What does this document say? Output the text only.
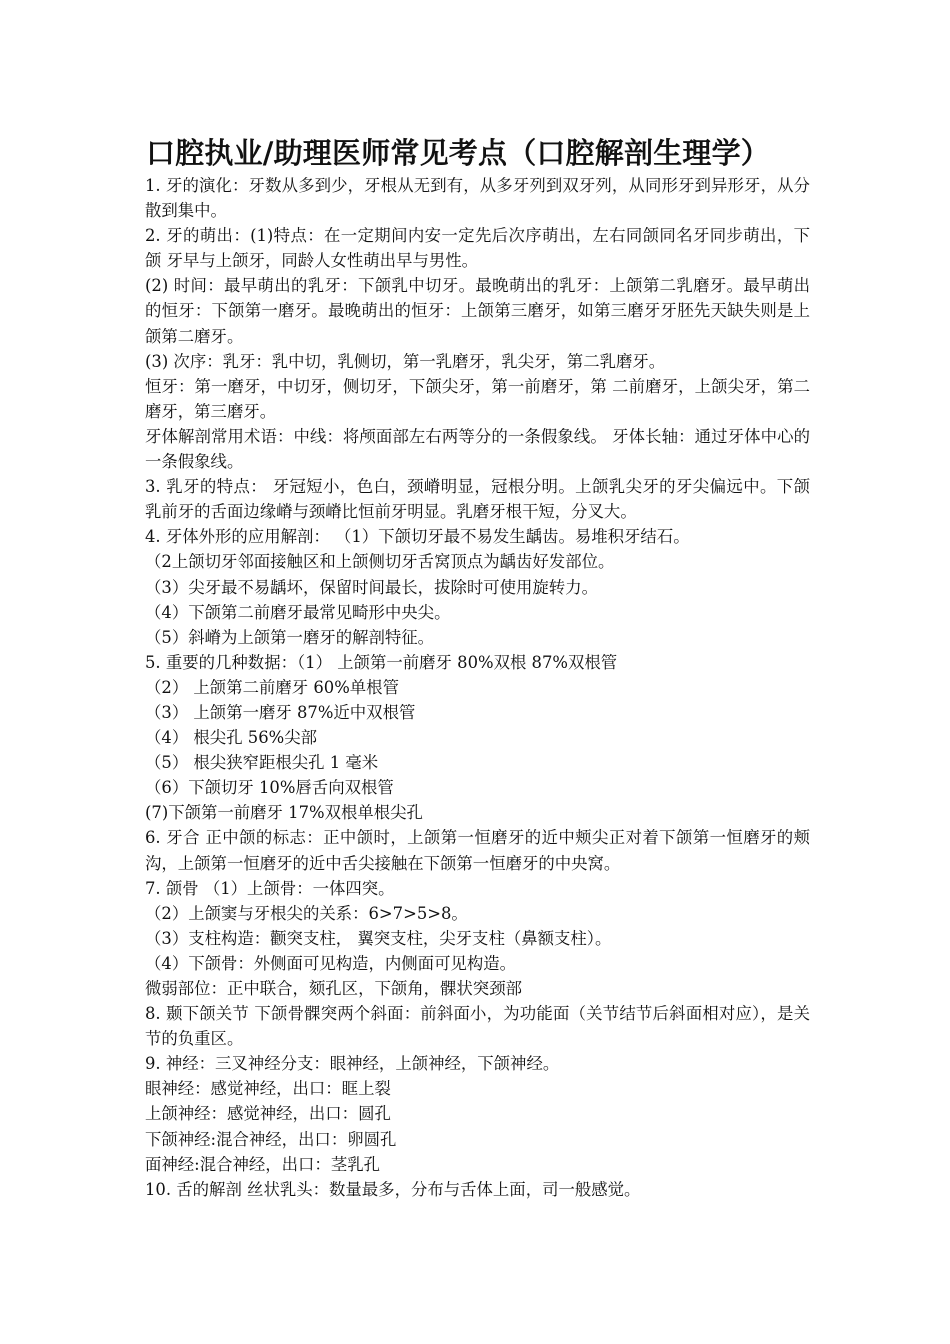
口腔执业/助理医师常见考点（口腔解剖生理学）

1. 牙的演化：牙数从多到少，牙根从无到有，从多牙列到双牙列，从同形牙到异形牙，从分散到集中。

2. 牙的萌出：(1)特点：在一定期间内安一定先后次序萌出，左右同颌同名牙同步萌出，下颌 牙早与上颌牙，同龄人女性萌出早与男性。

(2) 时间：最早萌出的乳牙：下颌乳中切牙。最晚萌出的乳牙：上颌第二乳磨牙。最早萌出的恒牙：下颌第一磨牙。最晚萌出的恒牙：上颌第三磨牙，如第三磨牙牙胚先天缺失则是上颌第二磨牙。

(3) 次序：乳牙：乳中切，乳侧切，第一乳磨牙，乳尖牙，第二乳磨牙。

恒牙：第一磨牙，中切牙，侧切牙，下颌尖牙，第一前磨牙，第 二前磨牙，上颌尖牙，第二磨牙，第三磨牙。

牙体解剖常用术语：中线：将颅面部左右两等分的一条假象线。 牙体长轴：通过牙体中心的一条假象线。

3. 乳牙的特点： 牙冠短小，色白，颈嵴明显，冠根分明。上颌乳尖牙的牙尖偏远中。下颌乳前牙的舌面边缘嵴与颈嵴比恒前牙明显。乳磨牙根干短，分叉大。

4. 牙体外形的应用解剖： （1）下颌切牙最不易发生龋齿。易堆积牙结石。

（2上颌切牙邻面接触区和上颌侧切牙舌窝顶点为龋齿好发部位。

（3）尖牙最不易龋坏，保留时间最长，拔除时可使用旋转力。

（4）下颌第二前磨牙最常见畸形中央尖。

（5）斜嵴为上颌第一磨牙的解剖特征。

5. 重要的几种数据：（1） 上颌第一前磨牙 80%双根 87%双根管

（2） 上颌第二前磨牙 60%单根管

（3） 上颌第一磨牙 87%近中双根管

（4） 根尖孔 56%尖部

（5） 根尖狭窄距根尖孔 1 毫米

（6）下颌切牙 10%唇舌向双根管

(7)下颌第一前磨牙 17%双根单根尖孔

6. 牙合 正中颌的标志：正中颌时，上颌第一恒磨牙的近中颊尖正对着下颌第一恒磨牙的颊沟，上颌第一恒磨牙的近中舌尖接触在下颌第一恒磨牙的中央窝。

7. 颌骨 （1）上颌骨：一体四突。

（2）上颌窦与牙根尖的关系：6>7>5>8。

（3）支柱构造：颧突支柱， 翼突支柱，尖牙支柱（鼻额支柱）。

（4）下颌骨：外侧面可见构造，内侧面可见构造。

微弱部位：正中联合，颏孔区，下颌角，髁状突颈部

8. 颞下颌关节 下颌骨髁突两个斜面：前斜面小，为功能面（关节结节后斜面相对应），是关节的负重区。

9. 神经：三叉神经分支：眼神经，上颌神经，下颌神经。

眼神经：感觉神经，出口：眶上裂

上颌神经：感觉神经，出口：圆孔

下颌神经:混合神经，出口：卵圆孔

面神经:混合神经，出口：茎乳孔

10. 舌的解剖 丝状乳头：数量最多，分布与舌体上面，司一般感觉。
